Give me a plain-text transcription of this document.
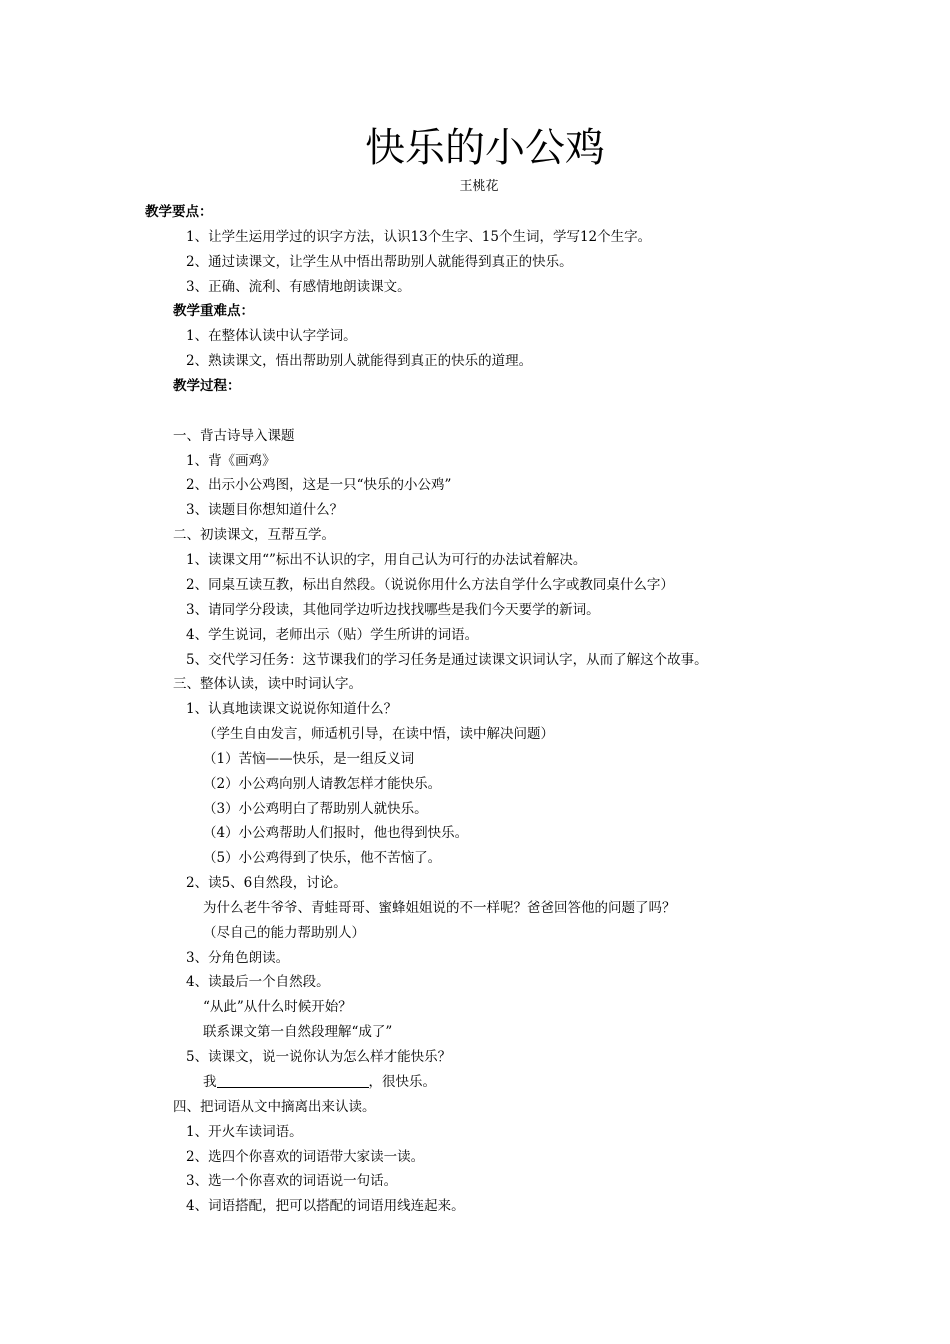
快乐的小公鸡
王桃花
教学要点：
1、让学生运用学过的识字方法，认识13个生字、15个生词，学写12个生字。
2、通过读课文，让学生从中悟出帮助别人就能得到真正的快乐。
3、正确、流利、有感情地朗读课文。
教学重难点：
1、在整体认读中认字学词。
2、熟读课文，悟出帮助别人就能得到真正的快乐的道理。
教学过程：
一、背古诗导入课题
1、背《画鸡》
2、出示小公鸡图，这是一只“快乐的小公鸡”
3、读题目你想知道什么？
二、初读课文，互帮互学。
1、读课文用“”标出不认识的字，用自己认为可行的办法试着解决。
2、同桌互读互教，标出自然段。（说说你用什么方法自学什么字或教同桌什么字）
3、请同学分段读，其他同学边听边找找哪些是我们今天要学的新词。
4、学生说词，老师出示（贴）学生所讲的词语。
5、交代学习任务：这节课我们的学习任务是通过读课文识词认字，从而了解这个故事。
三、整体认读，读中时词认字。
1、认真地读课文说说你知道什么？
（学生自由发言，师适机引导，在读中悟，读中解决问题）
（1）苦恼——快乐，是一组反义词
（2）小公鸡向别人请教怎样才能快乐。
（3）小公鸡明白了帮助别人就快乐。
（4）小公鸡帮助人们报时，他也得到快乐。
（5）小公鸡得到了快乐，他不苦恼了。
2、读5、6自然段，讨论。
为什么老牛爷爷、青蛙哥哥、蜜蜂姐姐说的不一样呢？爸爸回答他的问题了吗？
（尽自己的能力帮助别人）
3、分角色朗读。
4、读最后一个自然段。
“从此”从什么时候开始？
联系课文第一自然段理解“成了”
5、读课文，说一说你认为怎么样才能快乐？
我	，很快乐。
四、把词语从文中摘离出来认读。
1、开火车读词语。
2、选四个你喜欢的词语带大家读一读。
3、选一个你喜欢的词语说一句话。
4、词语搭配，把可以搭配的词语用线连起来。
